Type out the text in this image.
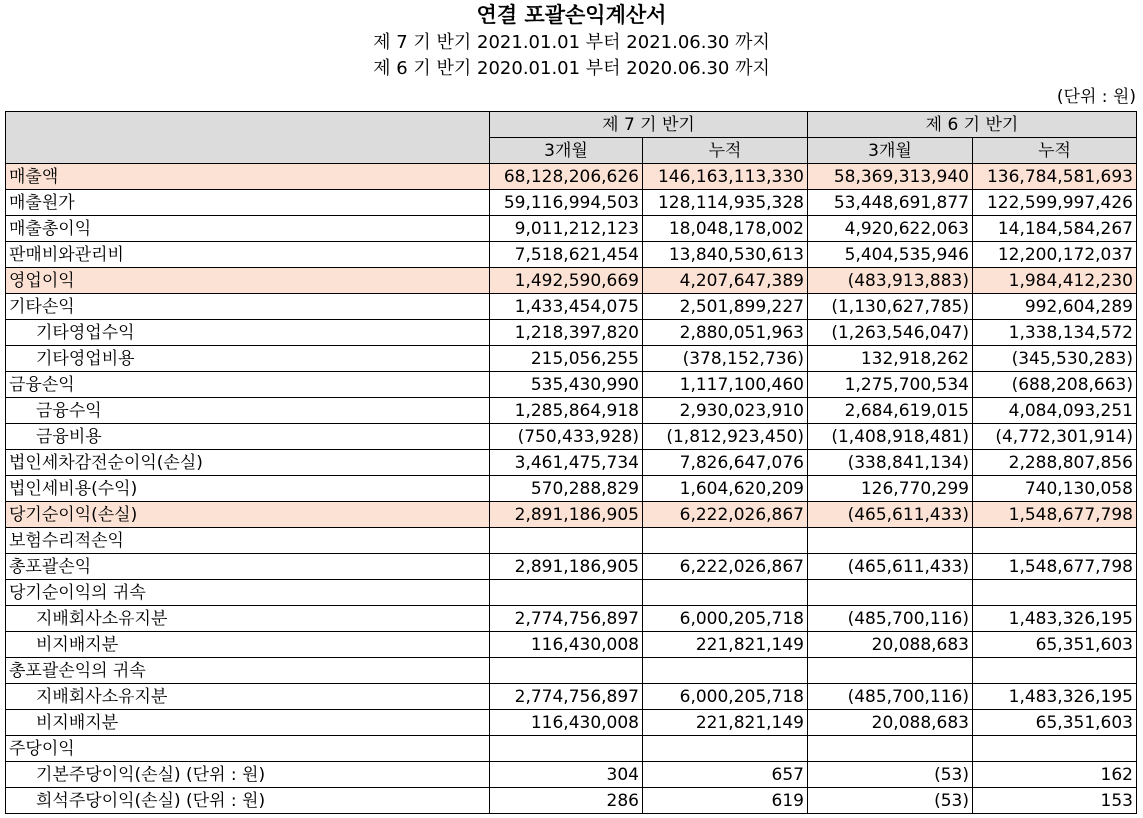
연결 포괄손익계산서
제 7 기 반기 2021.01.01 부터 2021.06.30 까지
제 6 기 반기 2020.01.01 부터 2020.06.30 까지
(단위 : 원)
	제 7 기 반기		제 6 기 반기	
	3개월	누적	3개월	누적
매출액	68,128,206,626	146,163,113,330	58,369,313,940	136,784,581,693
매출원가	59,116,994,503	128,114,935,328	53,448,691,877	122,599,997,426
매출총이익	9,011,212,123	18,048,178,002	4,920,622,063	14,184,584,267
판매비와관리비	7,518,621,454	13,840,530,613	5,404,535,946	12,200,172,037
영업이익	1,492,590,669	4,207,647,389	(483,913,883)	1,984,412,230
기타손익	1,433,454,075	2,501,899,227	(1,130,627,785)	992,604,289
기타영업수익	1,218,397,820	2,880,051,963	(1,263,546,047)	1,338,134,572
기타영업비용	215,056,255	(378,152,736)	132,918,262	(345,530,283)
금융손익	535,430,990	1,117,100,460	1,275,700,534	(688,208,663)
금융수익	1,285,864,918	2,930,023,910	2,684,619,015	4,084,093,251
금융비용	(750,433,928)	(1,812,923,450)	(1,408,918,481)	(4,772,301,914)
법인세차감전순이익(손실)	3,461,475,734	7,826,647,076	(338,841,134)	2,288,807,856
법인세비용(수익)	570,288,829	1,604,620,209	126,770,299	740,130,058
당기순이익(손실)	2,891,186,905	6,222,026,867	(465,611,433)	1,548,677,798
보험수리적손익				
총포괄손익	2,891,186,905	6,222,026,867	(465,611,433)	1,548,677,798
당기순이익의 귀속				
지배회사소유지분	2,774,756,897	6,000,205,718	(485,700,116)	1,483,326,195
비지배지분	116,430,008	221,821,149	20,088,683	65,351,603
총포괄손익의 귀속				
지배회사소유지분	2,774,756,897	6,000,205,718	(485,700,116)	1,483,326,195
비지배지분	116,430,008	221,821,149	20,088,683	65,351,603
주당이익				
기본주당이익(손실) (단위 : 원)	304	657	(53)	162
희석주당이익(손실) (단위 : 원)	286	619	(53)	153
